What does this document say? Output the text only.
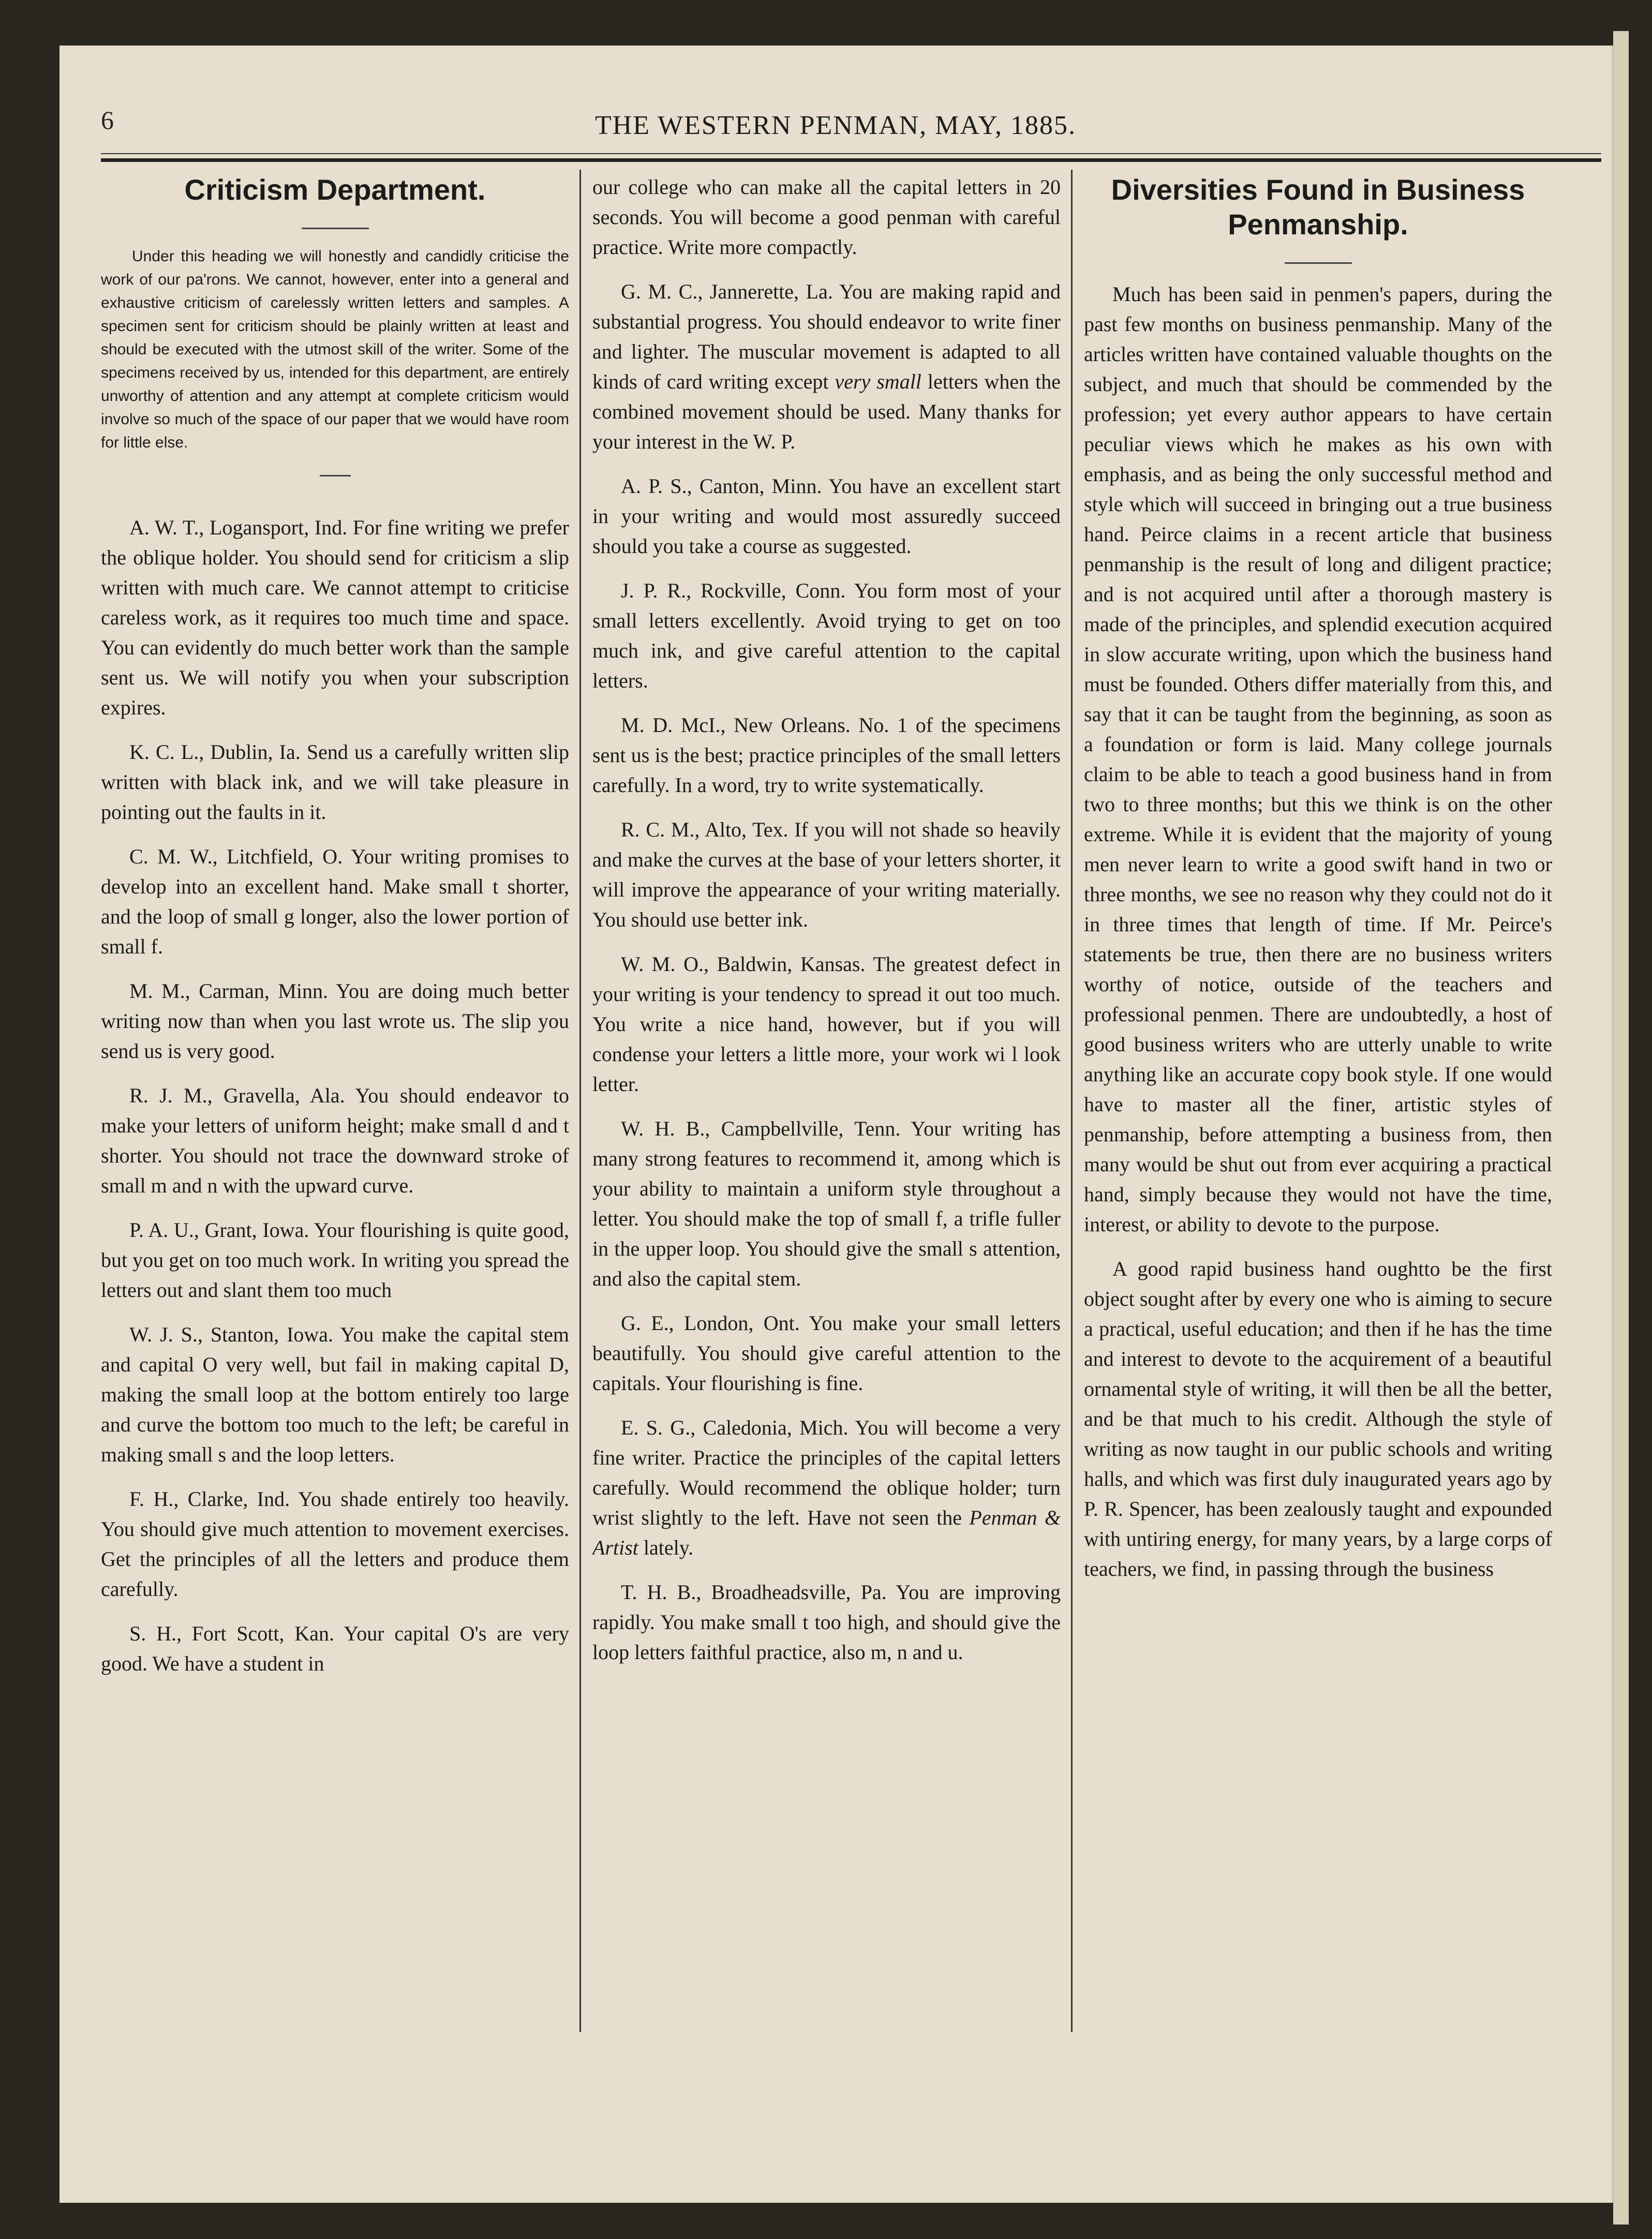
6	THE WESTERN PENMAN, MAY, 1885.
Criticism Department.

Under this heading we will honestly and candidly criticise the work of our pa'rons. We cannot, however, enter into a general and exhaustive criticism of carelessly written letters and samples. A specimen sent for criticism should be plainly written at least and should be executed with the utmost skill of the writer. Some of the specimens received by us, intended for this department, are entirely unworthy of attention and any attempt at complete criticism would involve so much of the space of our paper that we would have room for little else.

A. W. T., Logansport, Ind. For fine writing we prefer the oblique holder. You should send for criticism a slip written with much care. We cannot attempt to criticise careless work, as it requires too much time and space. You can evidently do much better work than the sample sent us. We will notify you when your subscription expires.

K. C. L., Dublin, Ia. Send us a carefully written slip written with black ink, and we will take pleasure in pointing out the faults in it.

C. M. W., Litchfield, O. Your writing promises to develop into an excellent hand. Make small t shorter, and the loop of small g longer, also the lower portion of small f.

M. M., Carman, Minn. You are doing much better writing now than when you last wrote us. The slip you send us is very good.

R. J. M., Gravella, Ala. You should endeavor to make your letters of uniform height; make small d and t shorter. You should not trace the downward stroke of small m and n with the upward curve.

P. A. U., Grant, Iowa. Your flourishing is quite good, but you get on too much work. In writing you spread the letters out and slant them too much

W. J. S., Stanton, Iowa. You make the capital stem and capital O very well, but fail in making capital D, making the small loop at the bottom entirely too large and curve the bottom too much to the left; be careful in making small s and the loop letters.

F. H., Clarke, Ind. You shade entirely too heavily. You should give much attention to movement exercises. Get the principles of all the letters and produce them carefully.

S. H., Fort Scott, Kan. Your capital O's are very good. We have a student in

our college who can make all the capital letters in 20 seconds. You will become a good penman with careful practice. Write more compactly.

G. M. C., Jannerette, La. You are making rapid and substantial progress. You should endeavor to write finer and lighter. The muscular movement is adapted to all kinds of card writing except very small letters when the combined movement should be used. Many thanks for your interest in the W. P.

A. P. S., Canton, Minn. You have an excellent start in your writing and would most assuredly succeed should you take a course as suggested.

J. P. R., Rockville, Conn. You form most of your small letters excellently. Avoid trying to get on too much ink, and give careful attention to the capital letters.

M. D. McI., New Orleans. No. 1 of the specimens sent us is the best; practice principles of the small letters carefully. In a word, try to write systematically.

R. C. M., Alto, Tex. If you will not shade so heavily and make the curves at the base of your letters shorter, it will improve the appearance of your writing materially. You should use better ink.

W. M. O., Baldwin, Kansas. The greatest defect in your writing is your tendency to spread it out too much. You write a nice hand, however, but if you will condense your letters a little more, your work wi l look letter.

W. H. B., Campbellville, Tenn. Your writing has many strong features to recommend it, among which is your ability to maintain a uniform style throughout a letter. You should make the top of small f, a trifle fuller in the upper loop. You should give the small s attention, and also the capital stem.

G. E., London, Ont. You make your small letters beautifully. You should give careful attention to the capitals. Your flourishing is fine.

E. S. G., Caledonia, Mich. You will become a very fine writer. Practice the principles of the capital letters carefully. Would recommend the oblique holder; turn wrist slightly to the left. Have not seen the Penman & Artist lately.

T. H. B., Broadheadsville, Pa. You are improving rapidly. You make small t too high, and should give the loop letters faithful practice, also m, n and u.

Diversities Found in Business Penmanship.

Much has been said in penmen's papers, during the past few months on business penmanship. Many of the articles written have contained valuable thoughts on the subject, and much that should be commended by the profession; yet every author appears to have certain peculiar views which he makes as his own with emphasis, and as being the only successful method and style which will succeed in bringing out a true business hand. Peirce claims in a recent article that business penmanship is the result of long and diligent practice; and is not acquired until after a thorough mastery is made of the principles, and splendid execution acquired in slow accurate writing, upon which the business hand must be founded. Others differ materially from this, and say that it can be taught from the beginning, as soon as a foundation or form is laid. Many college journals claim to be able to teach a good business hand in from two to three months; but this we think is on the other extreme. While it is evident that the majority of young men never learn to write a good swift hand in two or three months, we see no reason why they could not do it in three times that length of time. If Mr. Peirce's statements be true, then there are no business writers worthy of notice, outside of the teachers and professional penmen. There are undoubtedly, a host of good business writers who are utterly unable to write anything like an accurate copy book style. If one would have to master all the finer, artistic styles of penmanship, before attempting a business from, then many would be shut out from ever acquiring a practical hand, simply because they would not have the time, interest, or ability to devote to the purpose.

A good rapid business hand oughtto be the first object sought after by every one who is aiming to secure a practical, useful education; and then if he has the time and interest to devote to the acquirement of a beautiful ornamental style of writing, it will then be all the better, and be that much to his credit. Although the style of writing as now taught in our public schools and writing halls, and which was first duly inaugurated years ago by P. R. Spencer, has been zealously taught and expounded with untiring energy, for many years, by a large corps of teachers, we find, in passing through the business
